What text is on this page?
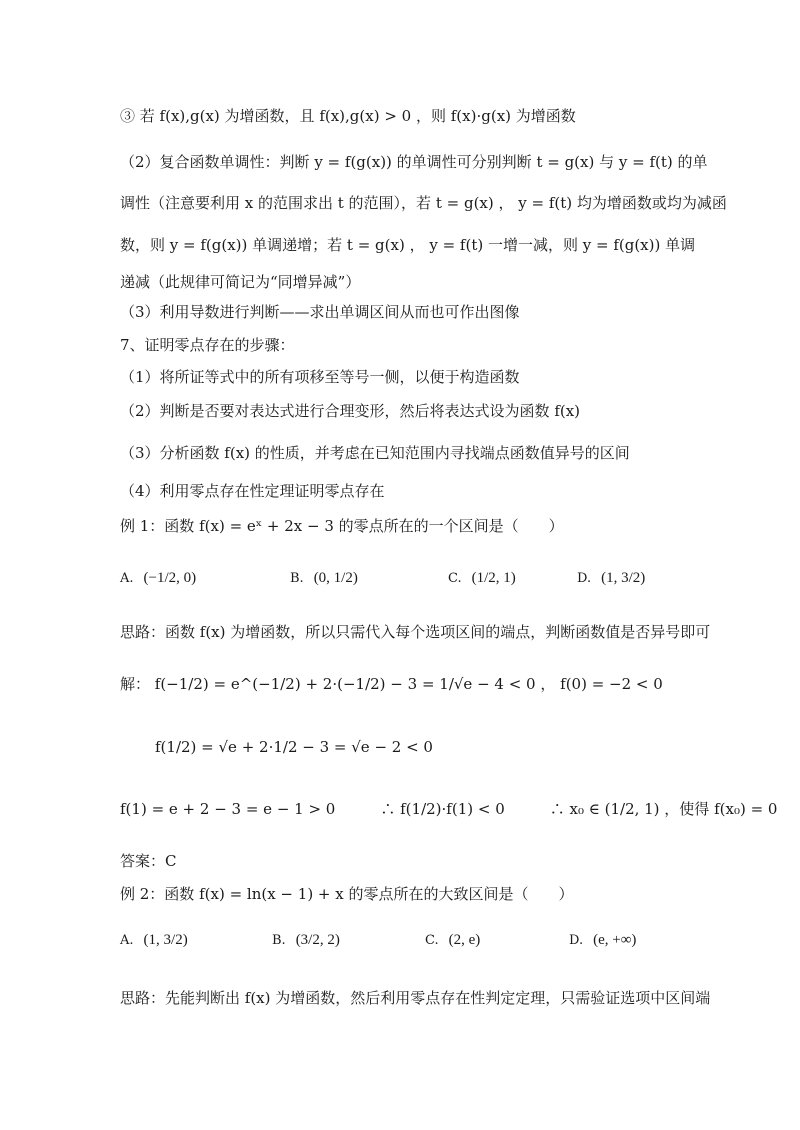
③ 若 f(x),g(x) 为增函数，且 f(x),g(x) > 0 ，则 f(x)·g(x) 为增函数
（2）复合函数单调性：判断 y = f(g(x)) 的单调性可分别判断 t = g(x) 与 y = f(t) 的单
调性（注意要利用 x 的范围求出 t 的范围），若 t = g(x) ， y = f(t) 均为增函数或均为减函
数，则 y = f(g(x)) 单调递增；若 t = g(x) ， y = f(t) 一增一减，则 y = f(g(x)) 单调
递减（此规律可简记为“同增异减”）
（3）利用导数进行判断——求出单调区间从而也可作出图像
7、证明零点存在的步骤：
（1）将所证等式中的所有项移至等号一侧，以便于构造函数
（2）判断是否要对表达式进行合理变形，然后将表达式设为函数 f(x)
（3）分析函数 f(x) 的性质，并考虑在已知范围内寻找端点函数值异号的区间
（4）利用零点存在性定理证明零点存在
例 1：函数 f(x) = eˣ + 2x − 3 的零点所在的一个区间是（　　）
A. (−1/2, 0)	B. (0, 1/2)	C. (1/2, 1)	D. (1, 3/2)
思路：函数 f(x) 为增函数，所以只需代入每个选项区间的端点，判断函数值是否异号即可
解： f(−1/2) = e^(−1/2) + 2·(−1/2) − 3 = 1/√e − 4 < 0 ， f(0) = −2 < 0
f(1/2) = √e + 2·1/2 − 3 = √e − 2 < 0
f(1) = e + 2 − 3 = e − 1 > 0　　　∴ f(1/2)·f(1) < 0　　　∴ x₀ ∈ (1/2, 1) ，使得 f(x₀) = 0
答案：C
例 2：函数 f(x) = ln(x − 1) + x 的零点所在的大致区间是（　　）
A. (1, 3/2)	B. (3/2, 2)	C. (2, e)	D. (e, +∞)
思路：先能判断出 f(x) 为增函数，然后利用零点存在性判定定理，只需验证选项中区间端
